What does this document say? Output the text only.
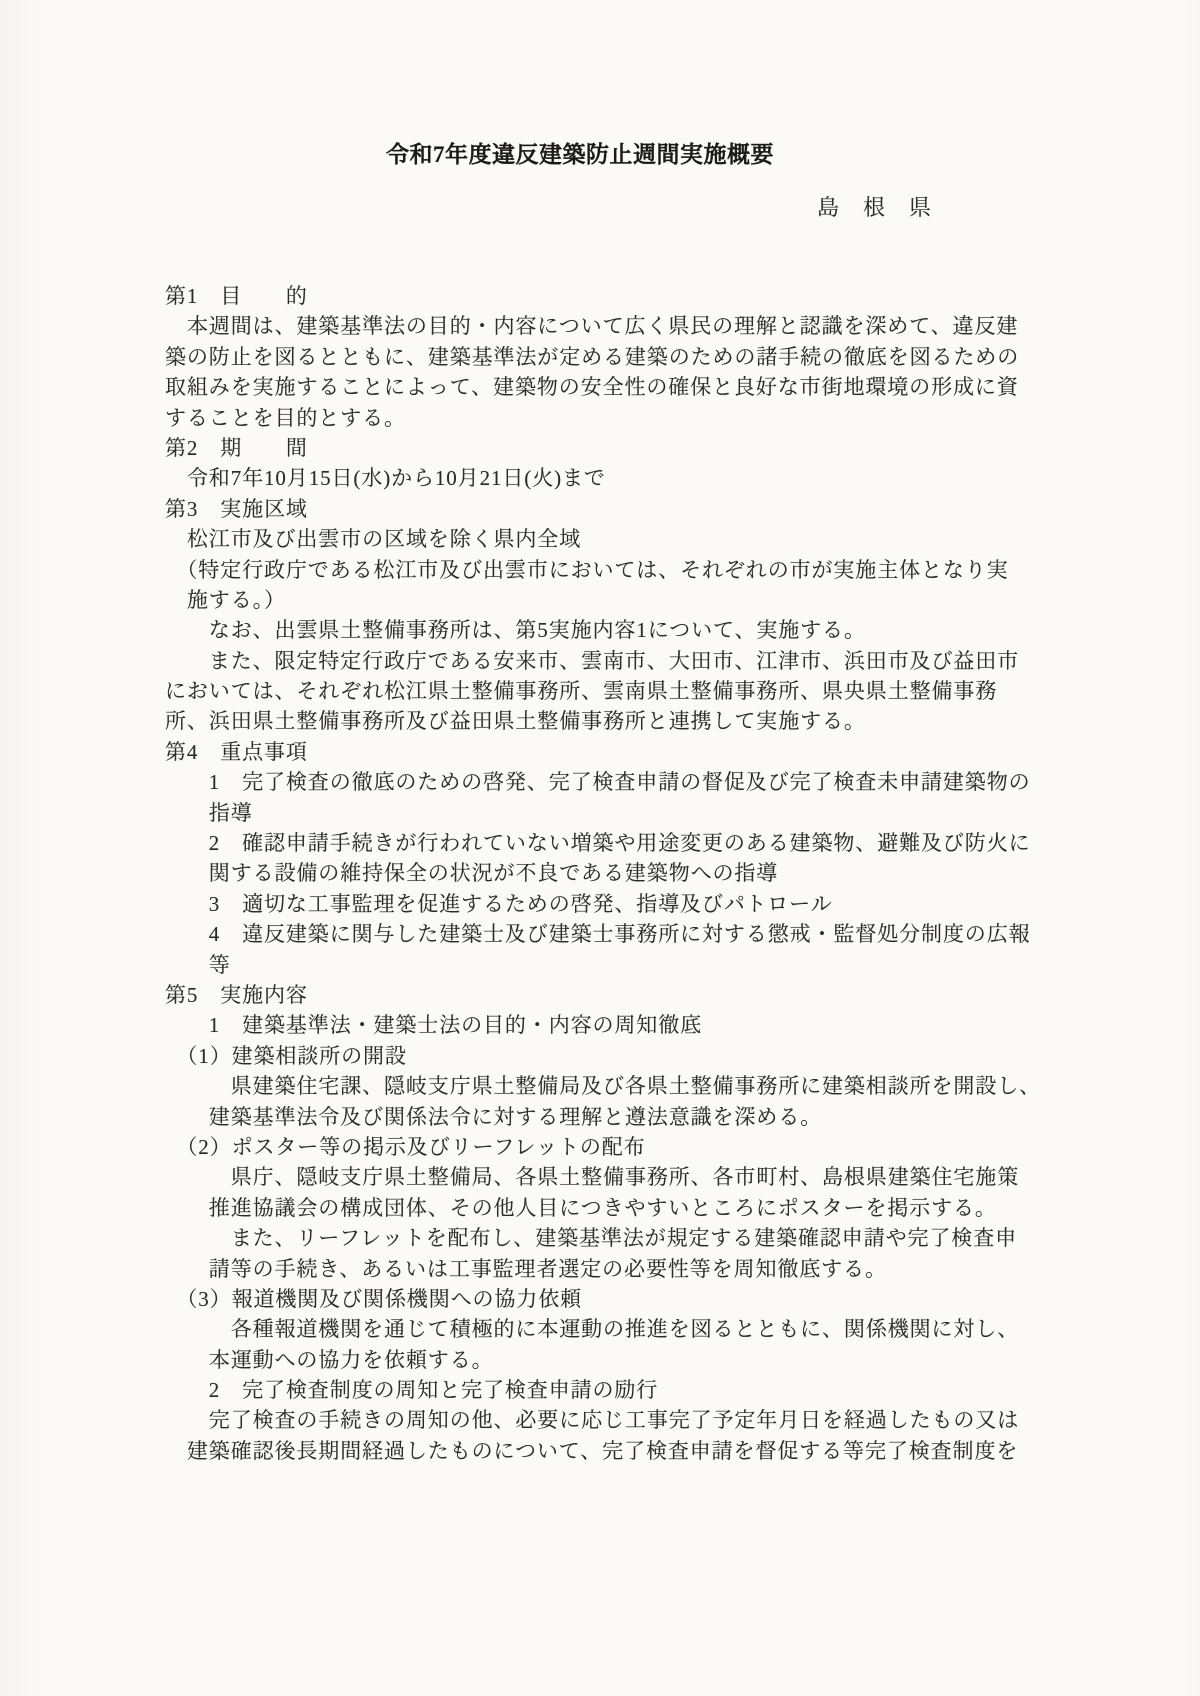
令和7年度違反建築防止週間実施概要
島　根　県
第1　目　　的
　本週間は、建築基準法の目的・内容について広く県民の理解と認識を深めて、違反建
築の防止を図るとともに、建築基準法が定める建築のための諸手続の徹底を図るための
取組みを実施することによって、建築物の安全性の確保と良好な市街地環境の形成に資
することを目的とする。
第2　期　　間
　令和7年10月15日(水)から10月21日(火)まで
第3　実施区域
　松江市及び出雲市の区域を除く県内全域
　（特定行政庁である松江市及び出雲市においては、それぞれの市が実施主体となり実
　施する。）
　　なお、出雲県土整備事務所は、第5実施内容1について、実施する。
　　また、限定特定行政庁である安来市、雲南市、大田市、江津市、浜田市及び益田市
においては、それぞれ松江県土整備事務所、雲南県土整備事務所、県央県土整備事務
所、浜田県土整備事務所及び益田県土整備事務所と連携して実施する。
第4　重点事項
　　1　完了検査の徹底のための啓発、完了検査申請の督促及び完了検査未申請建築物の
　　指導
　　2　確認申請手続きが行われていない増築や用途変更のある建築物、避難及び防火に
　　関する設備の維持保全の状況が不良である建築物への指導
　　3　適切な工事監理を促進するための啓発、指導及びパトロール
　　4　違反建築に関与した建築士及び建築士事務所に対する懲戒・監督処分制度の広報
　　等
第5　実施内容
　　1　建築基準法・建築士法の目的・内容の周知徹底
　（1）建築相談所の開設
　　　県建築住宅課、隠岐支庁県土整備局及び各県土整備事務所に建築相談所を開設し、
　　建築基準法令及び関係法令に対する理解と遵法意識を深める。
　（2）ポスター等の掲示及びリーフレットの配布
　　　県庁、隠岐支庁県土整備局、各県土整備事務所、各市町村、島根県建築住宅施策
　　推進協議会の構成団体、その他人目につきやすいところにポスターを掲示する。
　　　また、リーフレットを配布し、建築基準法が規定する建築確認申請や完了検査申
　　請等の手続き、あるいは工事監理者選定の必要性等を周知徹底する。
　（3）報道機関及び関係機関への協力依頼
　　　各種報道機関を通じて積極的に本運動の推進を図るとともに、関係機関に対し、
　　本運動への協力を依頼する。
　　2　完了検査制度の周知と完了検査申請の励行
　　完了検査の手続きの周知の他、必要に応じ工事完了予定年月日を経過したもの又は
　建築確認後長期間経過したものについて、完了検査申請を督促する等完了検査制度を
